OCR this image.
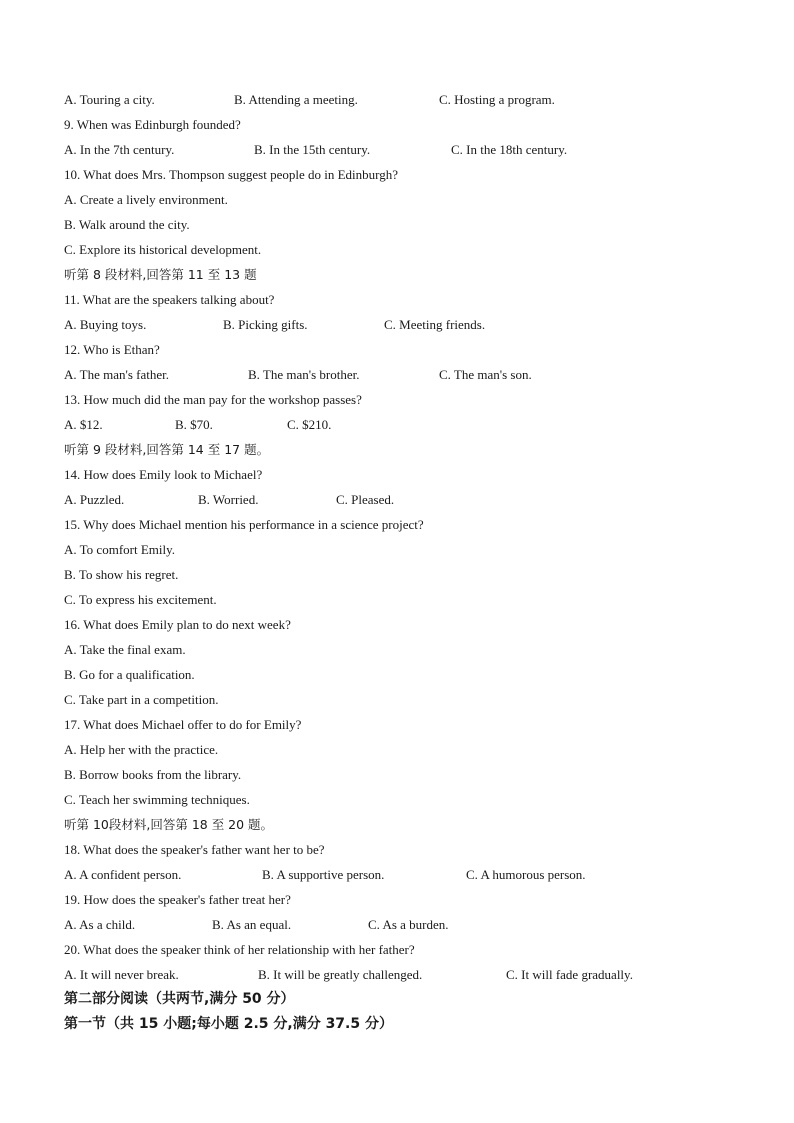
A. Touring a city.	B. Attending a meeting.	C. Hosting a program.
9. When was Edinburgh founded?
A. In the 7th century.	B. In the 15th century.	C. In the 18th century.
10. What does Mrs. Thompson suggest people do in Edinburgh?
A. Create a lively environment.
B. Walk around the city.
C. Explore its historical development.
听第 8 段材料,回答第 11 至 13 题
11. What are the speakers talking about?
A. Buying toys.	B. Picking gifts.	C. Meeting friends.
12. Who is Ethan?
A. The man's father.	B. The man's brother.	C. The man's son.
13. How much did the man pay for the workshop passes?
A. $12.	B. $70.	C. $210.
听第 9 段材料,回答第 14 至 17 题。
14. How does Emily look to Michael?
A. Puzzled.	B. Worried.	C. Pleased.
15. Why does Michael mention his performance in a science project?
A. To comfort Emily.
B. To show his regret.
C. To express his excitement.
16. What does Emily plan to do next week?
A. Take the final exam.
B. Go for a qualification.
C. Take part in a competition.
17. What does Michael offer to do for Emily?
A. Help her with the practice.
B. Borrow books from the library.
C. Teach her swimming techniques.
听第 10段材料,回答第 18 至 20 题。
18. What does the speaker's father want her to be?
A. A confident person.	B. A supportive person.	C. A humorous person.
19. How does the speaker's father treat her?
A. As a child.	B. As an equal.	C. As a burden.
20. What does the speaker think of her relationship with her father?
A. It will never break.	B. It will be greatly challenged.	C. It will fade gradually.
第二部分阅读（共两节,满分 50 分）
第一节（共 15 小题;每小题 2.5 分,满分 37.5 分）
